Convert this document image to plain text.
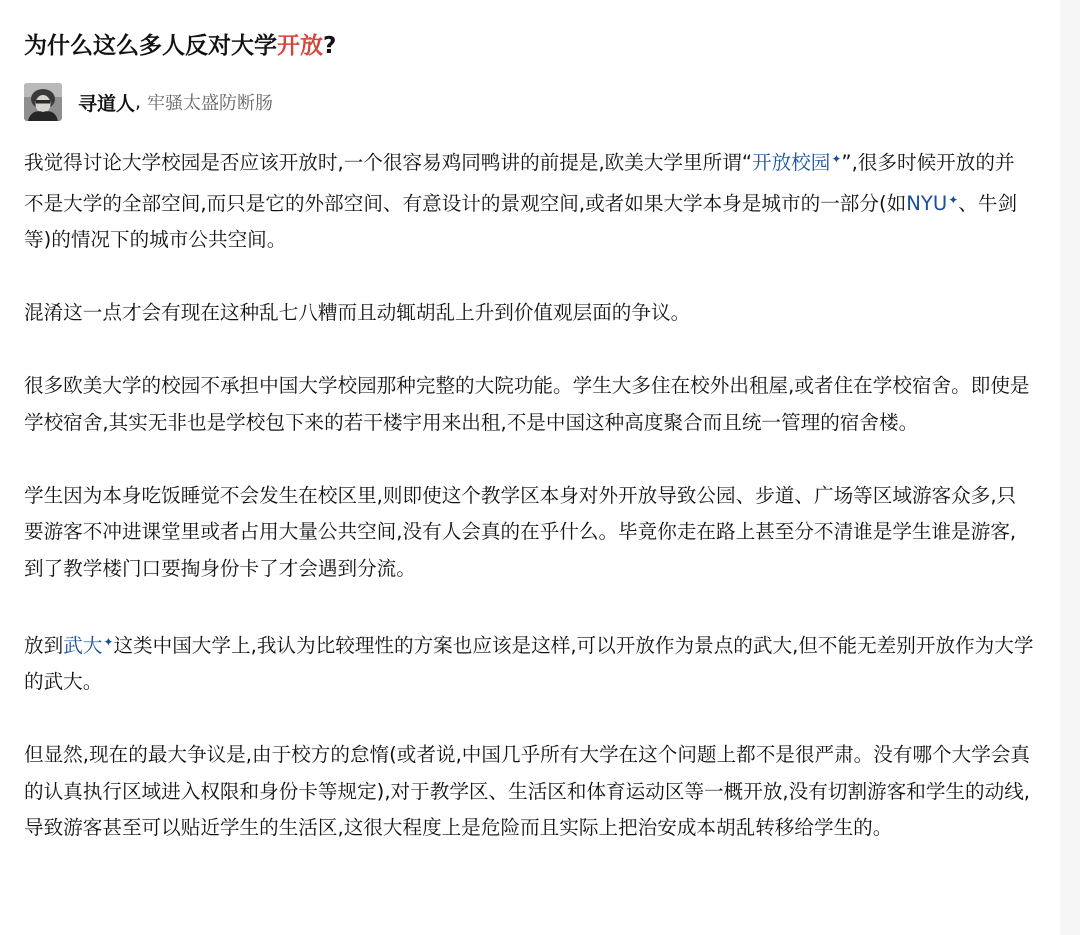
为什么这么多人反对大学开放?
寻道人 , 牢骚太盛防断肠

我觉得讨论大学校园是否应该开放时,一个很容易鸡同鸭讲的前提是,欧美大学里所谓“开放校园✦”,很多时候开放的并不是大学的全部空间,而只是它的外部空间、有意设计的景观空间,或者如果大学本身是城市的一部分(如NYU✦、牛剑等)的情况下的城市公共空间。

混淆这一点才会有现在这种乱七八糟而且动辄胡乱上升到价值观层面的争议。

很多欧美大学的校园不承担中国大学校园那种完整的大院功能。学生大多住在校外出租屋,或者住在学校宿舍。即使是学校宿舍,其实无非也是学校包下来的若干楼宇用来出租,不是中国这种高度聚合而且统一管理的宿舍楼。

学生因为本身吃饭睡觉不会发生在校区里,则即使这个教学区本身对外开放导致公园、步道、广场等区域游客众多,只要游客不冲进课堂里或者占用大量公共空间,没有人会真的在乎什么。毕竟你走在路上甚至分不清谁是学生谁是游客,到了教学楼门口要掏身份卡了才会遇到分流。

放到武大✦这类中国大学上,我认为比较理性的方案也应该是这样,可以开放作为景点的武大,但不能无差别开放作为大学的武大。

但显然,现在的最大争议是,由于校方的怠惰(或者说,中国几乎所有大学在这个问题上都不是很严肃。没有哪个大学会真的认真执行区域进入权限和身份卡等规定),对于教学区、生活区和体育运动区等一概开放,没有切割游客和学生的动线,导致游客甚至可以贴近学生的生活区,这很大程度上是危险而且实际上把治安成本胡乱转移给学生的。
